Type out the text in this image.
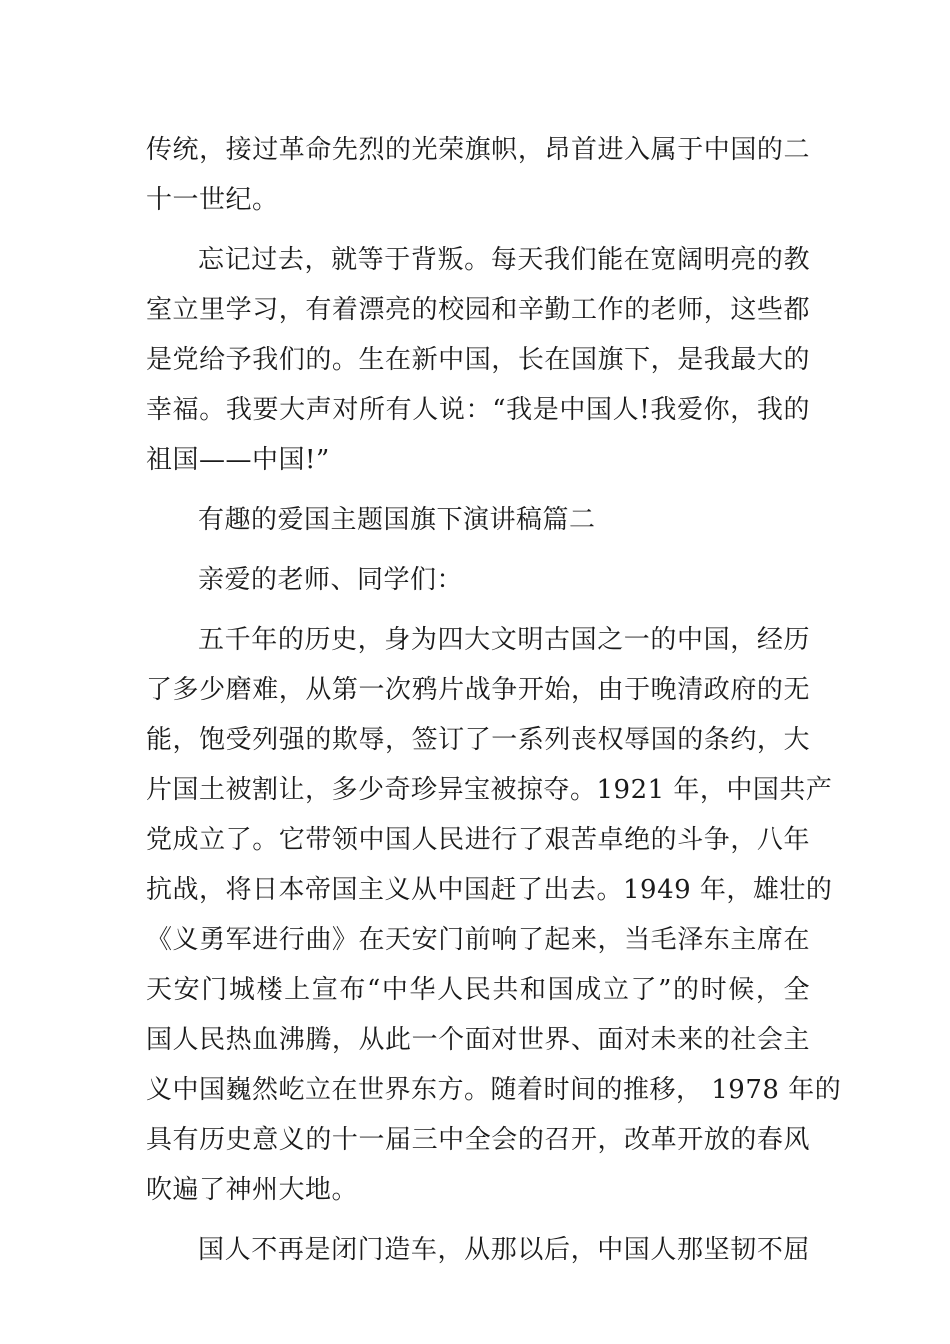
传统，接过革命先烈的光荣旗帜，昂首进入属于中国的二
十一世纪。
忘记过去，就等于背叛。每天我们能在宽阔明亮的教
室立里学习，有着漂亮的校园和辛勤工作的老师，这些都
是党给予我们的。生在新中国，长在国旗下，是我最大的
幸福。我要大声对所有人说：“我是中国人!我爱你，我的
祖国——中国!”
有趣的爱国主题国旗下演讲稿篇二
亲爱的老师、同学们：
五千年的历史，身为四大文明古国之一的中国，经历
了多少磨难，从第一次鸦片战争开始，由于晚清政府的无
能，饱受列强的欺辱，签订了一系列丧权辱国的条约，大
片国土被割让，多少奇珍异宝被掠夺。1921 年，中国共产
党成立了。它带领中国人民进行了艰苦卓绝的斗争，八年
抗战，将日本帝国主义从中国赶了出去。1949 年，雄壮的
《义勇军进行曲》在天安门前响了起来，当毛泽东主席在
天安门城楼上宣布“中华人民共和国成立了”的时候，全
国人民热血沸腾，从此一个面对世界、面对未来的社会主
义中国巍然屹立在世界东方。随着时间的推移， 1978 年的
具有历史意义的十一届三中全会的召开，改革开放的春风
吹遍了神州大地。
国人不再是闭门造车，从那以后，中国人那坚韧不屈
